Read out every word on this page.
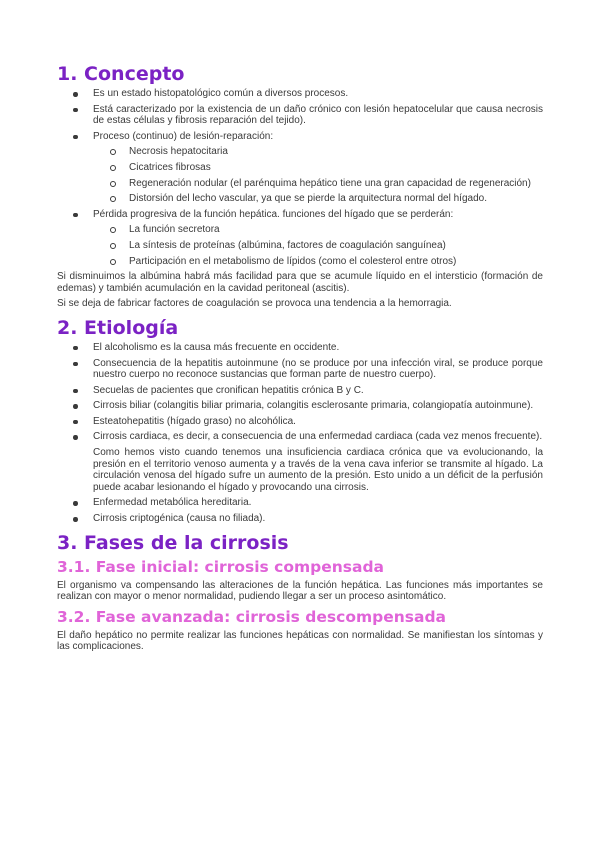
1. Concepto
Es un estado histopatológico común a diversos procesos.
Está caracterizado por la existencia de un daño crónico con lesión hepatocelular que causa necrosis de estas células y fibrosis reparación del tejido).
Proceso (continuo) de lesión-reparación:
Necrosis hepatocitaria
Cicatrices fibrosas
Regeneración nodular (el parénquima hepático tiene una gran capacidad de regeneración)
Distorsión del lecho vascular, ya que se pierde la arquitectura normal del hígado.
Pérdida progresiva de la función hepática. funciones del hígado que se perderán:
La función secretora
La síntesis de proteínas (albúmina, factores de coagulación sanguínea)
Participación en el metabolismo de lípidos (como el colesterol entre otros)

Si disminuimos la albúmina habrá más facilidad para que se acumule líquido en el intersticio (formación de edemas) y también acumulación en la cavidad peritoneal (ascitis).

Si se deja de fabricar factores de coagulación se provoca una tendencia a la hemorragia.

2. Etiología
El alcoholismo es la causa más frecuente en occidente.
Consecuencia de la hepatitis autoinmune (no se produce por una infección viral, se produce porque nuestro cuerpo no reconoce sustancias que forman parte de nuestro cuerpo).
Secuelas de pacientes que cronifican hepatitis crónica B y C.
Cirrosis biliar (colangitis biliar primaria, colangitis esclerosante primaria, colangiopatía autoinmune).
Esteatohepatitis (hígado graso) no alcohólica.
Cirrosis cardiaca, es decir, a consecuencia de una enfermedad cardiaca (cada vez menos frecuente).
Como hemos visto cuando tenemos una insuficiencia cardiaca crónica que va evolucionando, la presión en el territorio venoso aumenta y a través de la vena cava inferior se transmite al hígado. La circulación venosa del hígado sufre un aumento de la presión. Esto unido a un déficit de la perfusión puede acabar lesionando el hígado y provocando una cirrosis.
Enfermedad metabólica hereditaria.
Cirrosis criptogénica (causa no filiada).
3. Fases de la cirrosis
3.1. Fase inicial: cirrosis compensada

El organismo va compensando las alteraciones de la función hepática. Las funciones más importantes se realizan con mayor o menor normalidad, pudiendo llegar a ser un proceso asintomático.

3.2. Fase avanzada: cirrosis descompensada

El daño hepático no permite realizar las funciones hepáticas con normalidad. Se manifiestan los síntomas y las complicaciones.
